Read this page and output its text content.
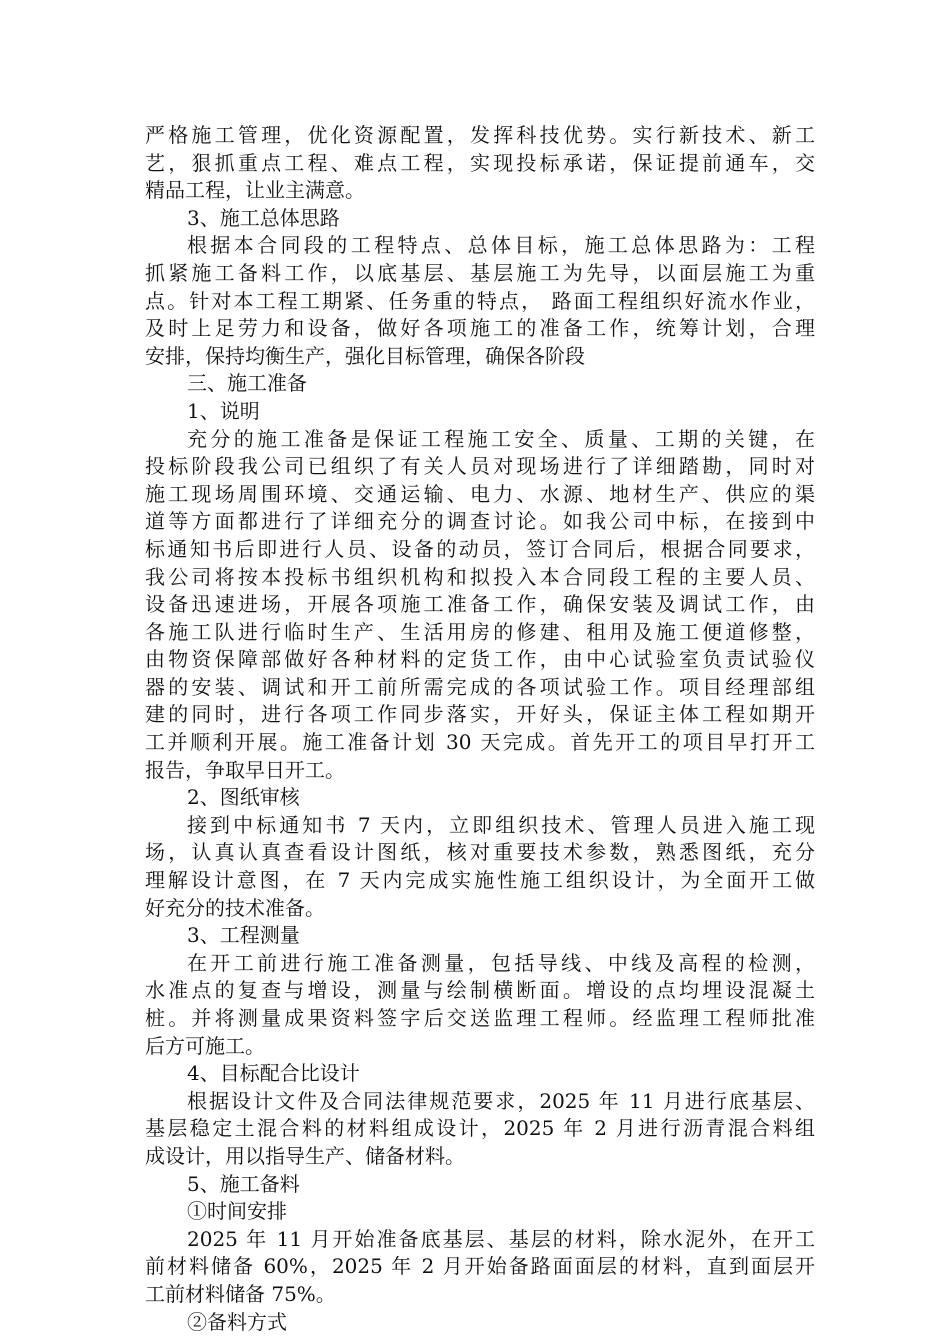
严格施工管理，优化资源配置，发挥科技优势。实行新技术、新工
艺，狠抓重点工程、难点工程，实现投标承诺，保证提前通车，交
精品工程，让业主满意。
3、施工总体思路
根据本合同段的工程特点、总体目标，施工总体思路为：工程
抓紧施工备料工作，以底基层、基层施工为先导，以面层施工为重
点。针对本工程工期紧、任务重的特点， 路面工程组织好流水作业，
及时上足劳力和设备，做好各项施工的准备工作，统筹计划，合理
安排，保持均衡生产，强化目标管理，确保各阶段
三、施工准备
1、说明
充分的施工准备是保证工程施工安全、质量、工期的关键，在
投标阶段我公司已组织了有关人员对现场进行了详细踏勘，同时对
施工现场周围环境、交通运输、电力、水源、地材生产、供应的渠
道等方面都进行了详细充分的调查讨论。如我公司中标，在接到中
标通知书后即进行人员、设备的动员，签订合同后，根据合同要求，
我公司将按本投标书组织机构和拟投入本合同段工程的主要人员、
设备迅速进场，开展各项施工准备工作，确保安装及调试工作，由
各施工队进行临时生产、生活用房的修建、租用及施工便道修整，
由物资保障部做好各种材料的定货工作，由中心试验室负责试验仪
器的安装、调试和开工前所需完成的各项试验工作。项目经理部组
建的同时，进行各项工作同步落实，开好头，保证主体工程如期开
工并顺利开展。施工准备计划 30 天完成。首先开工的项目早打开工
报告，争取早日开工。
2、图纸审核
接到中标通知书 7 天内，立即组织技术、管理人员进入施工现
场，认真认真查看设计图纸，核对重要技术参数，熟悉图纸，充分
理解设计意图，在 7 天内完成实施性施工组织设计，为全面开工做
好充分的技术准备。
3、工程测量
在开工前进行施工准备测量，包括导线、中线及高程的检测，
水准点的复查与增设，测量与绘制横断面。增设的点均埋设混凝土
桩。并将测量成果资料签字后交送监理工程师。经监理工程师批准
后方可施工。
4、目标配合比设计
根据设计文件及合同法律规范要求，2025 年 11 月进行底基层、
基层稳定土混合料的材料组成设计，2025 年 2 月进行沥青混合料组
成设计，用以指导生产、储备材料。
5、施工备料
①时间安排
2025 年 11 月开始准备底基层、基层的材料，除水泥外，在开工
前材料储备 60%，2025 年 2 月开始备路面面层的材料，直到面层开
工前材料储备 75%。
②备料方式
